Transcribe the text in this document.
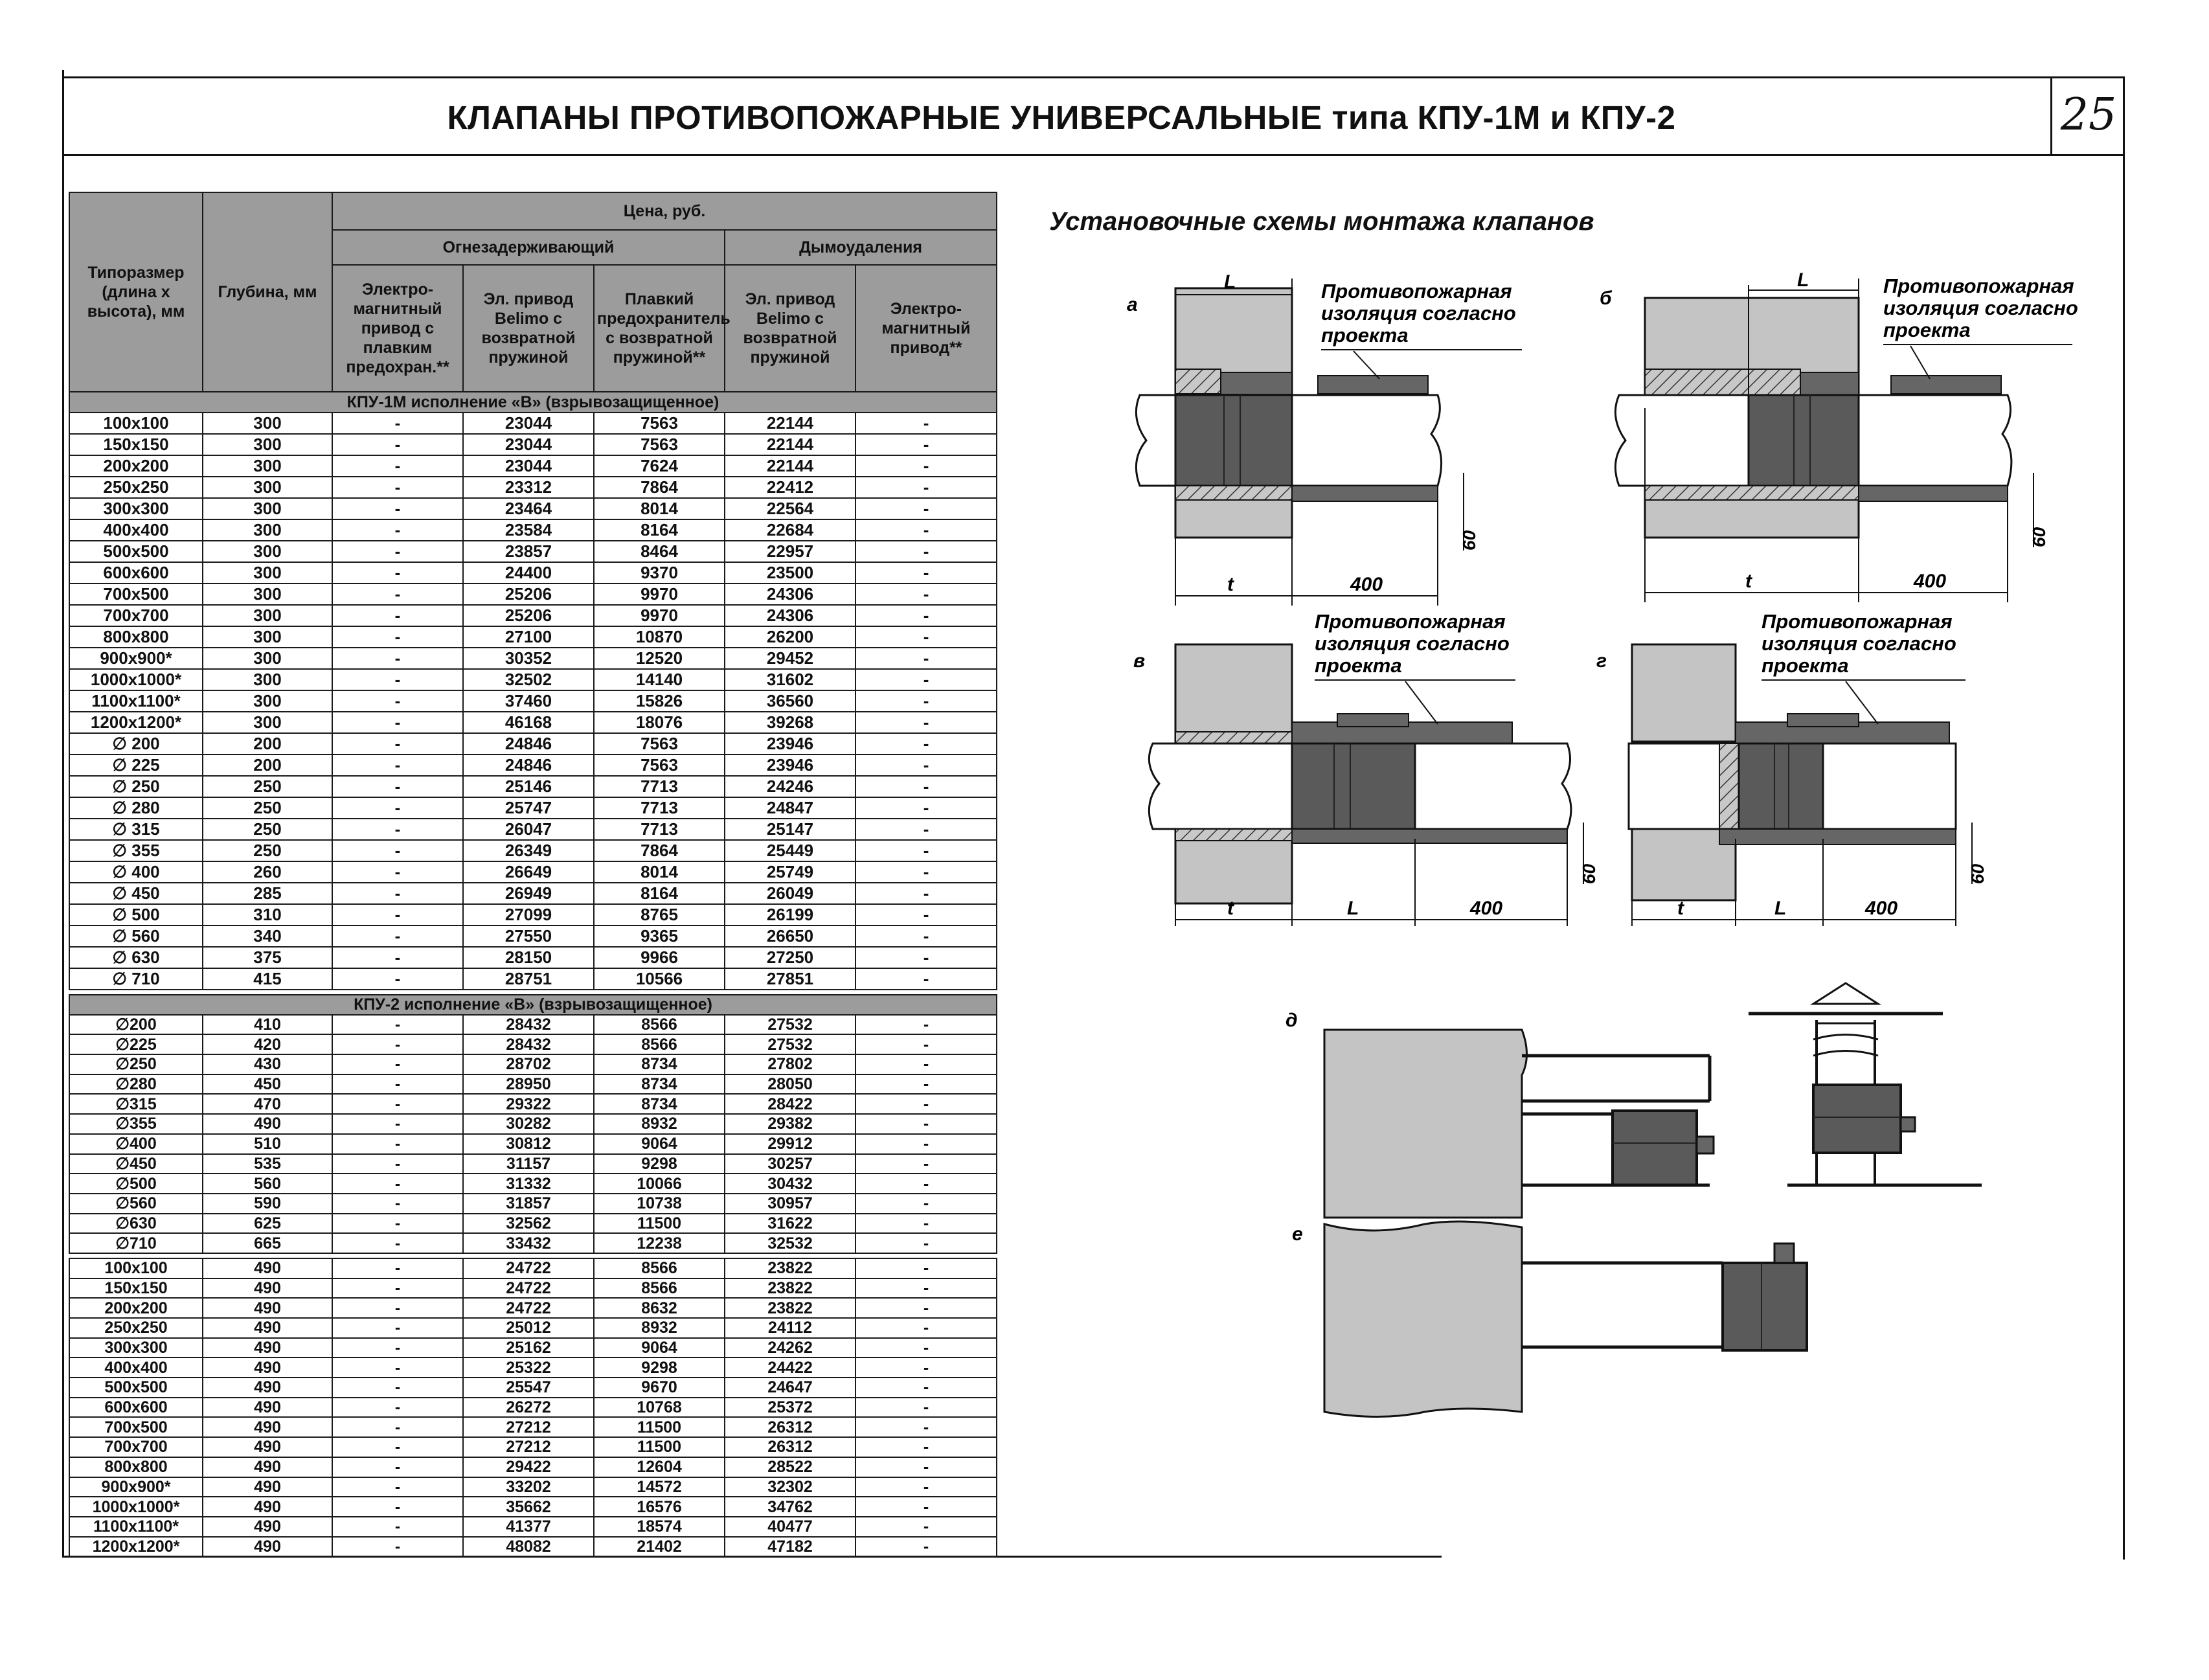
КЛАПАНЫ ПРОТИВОПОЖАРНЫЕ УНИВЕРСАЛЬНЫЕ типа КПУ-1М и КПУ-2	25
Типоразмер (длина х высота), мм	Глубина, мм	Цена, руб.				
		Огнезадерживающий			Дымоудаления	
		Электро-магнитный привод с плавким предохран.**	Эл. привод Belimo с возвратной пружиной	Плавкий предохранитель с возвратной пружиной**	Эл. привод Belimo с возвратной пружиной	Электро-магнитный привод**
КПУ-1М исполнение «В» (взрывозащищенное)						
100х100	300	-	23044	7563	22144	-
150х150	300	-	23044	7563	22144	-
200х200	300	-	23044	7624	22144	-
250х250	300	-	23312	7864	22412	-
300х300	300	-	23464	8014	22564	-
400х400	300	-	23584	8164	22684	-
500х500	300	-	23857	8464	22957	-
600х600	300	-	24400	9370	23500	-
700х500	300	-	25206	9970	24306	-
700х700	300	-	25206	9970	24306	-
800х800	300	-	27100	10870	26200	-
900х900*	300	-	30352	12520	29452	-
1000х1000*	300	-	32502	14140	31602	-
1100х1100*	300	-	37460	15826	36560	-
1200х1200*	300	-	46168	18076	39268	-
∅ 200	200	-	24846	7563	23946	-
∅ 225	200	-	24846	7563	23946	-
∅ 250	250	-	25146	7713	24246	-
∅ 280	250	-	25747	7713	24847	-
∅ 315	250	-	26047	7713	25147	-
∅ 355	250	-	26349	7864	25449	-
∅ 400	260	-	26649	8014	25749	-
∅ 450	285	-	26949	8164	26049	-
∅ 500	310	-	27099	8765	26199	-
∅ 560	340	-	27550	9365	26650	-
∅ 630	375	-	28150	9966	27250	-
∅ 710	415	-	28751	10566	27851	-

КПУ-2 исполнение «В» (взрывозащищенное)						
∅200	410	-	28432	8566	27532	-
∅225	420	-	28432	8566	27532	-
∅250	430	-	28702	8734	27802	-
∅280	450	-	28950	8734	28050	-
∅315	470	-	29322	8734	28422	-
∅355	490	-	30282	8932	29382	-
∅400	510	-	30812	9064	29912	-
∅450	535	-	31157	9298	30257	-
∅500	560	-	31332	10066	30432	-
∅560	590	-	31857	10738	30957	-
∅630	625	-	32562	11500	31622	-
∅710	665	-	33432	12238	32532	-

100х100	490	-	24722	8566	23822	-
150х150	490	-	24722	8566	23822	-
200х200	490	-	24722	8632	23822	-
250х250	490	-	25012	8932	24112	-
300х300	490	-	25162	9064	24262	-
400х400	490	-	25322	9298	24422	-
500х500	490	-	25547	9670	24647	-
600х600	490	-	26272	10768	25372	-
700х500	490	-	27212	11500	26312	-
700х700	490	-	27212	11500	26312	-
800х800	490	-	29422	12604	28522	-
900х900*	490	-	33202	14572	32302	-
1000х1000*	490	-	35662	16576	34762	-
1100х1100*	490	-	41377	18574	40477	-
1200х1200*	490	-	48082	21402	47182	-
Установочные схемы монтажа клапанов
а
L
t	400
60
Противопожарная изоляция согласно проекта
б
L
t	400
60
Противопожарная изоляция согласно проекта
в
t	L	400
60
Противопожарная изоляция согласно проекта	г
t	L	400
60
Противопожарная изоляция согласно проекта
д
е
